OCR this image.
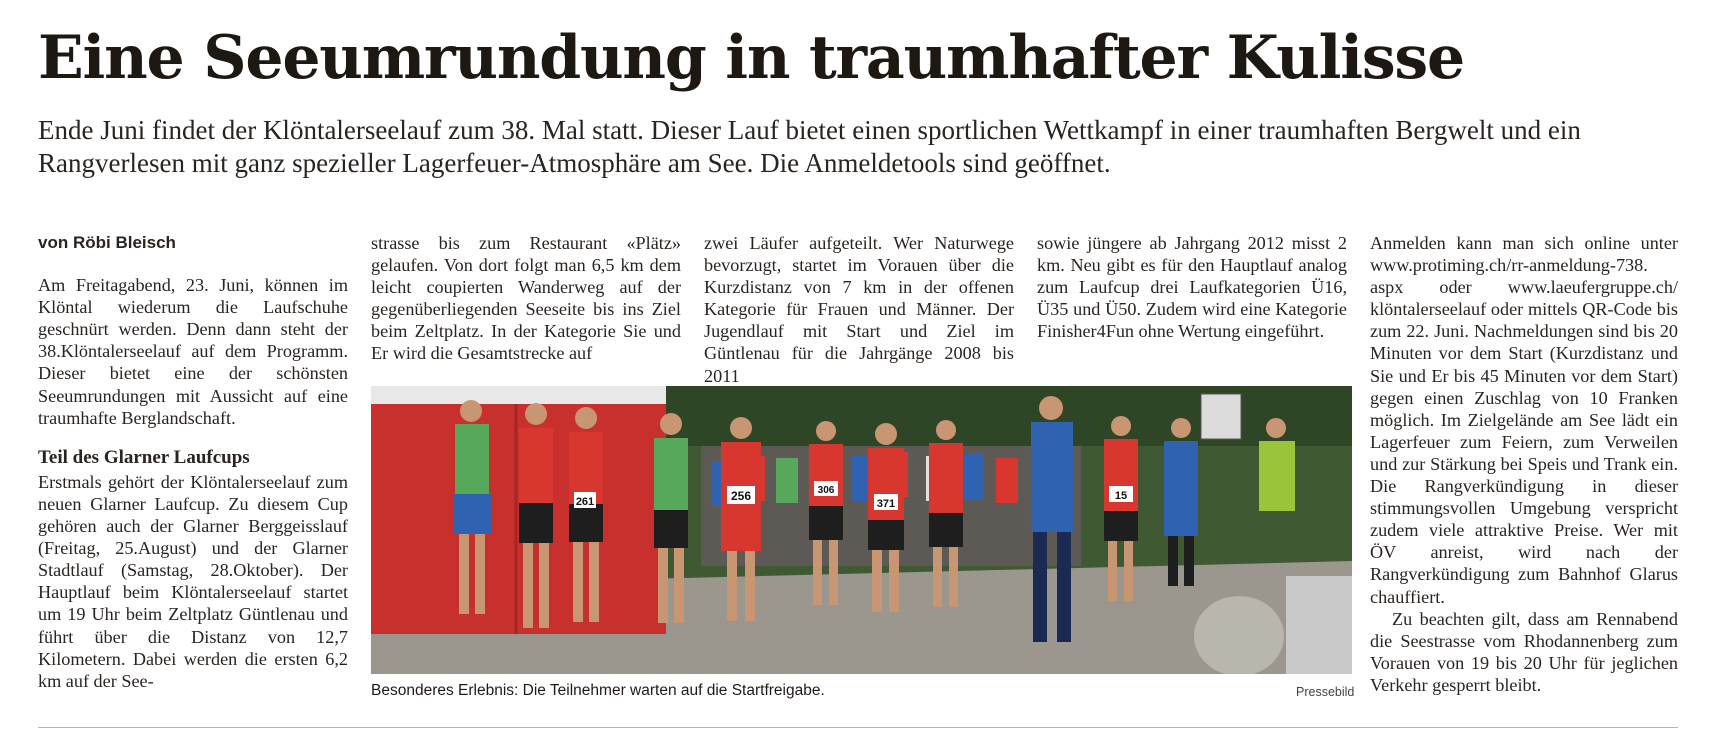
Eine Seeumrundung in traumhafter Kulisse

Ende Juni findet der Klöntalerseelauf zum 38. Mal statt. Dieser Lauf bietet einen sportlichen Wettkampf in einer traumhaften Bergwelt und ein Rangverlesen mit ganz spezieller Lagerfeuer-Atmosphäre am See. Die Anmeldetools sind geöffnet.

von Röbi Bleisch

Am Freitagabend, 23. Juni, können im Klöntal wiederum die Laufschuhe geschnürt werden. Denn dann steht der 38.Klöntalerseelauf auf dem Programm. Dieser bietet eine der schönsten Seeumrundungen mit Aussicht auf eine traumhafte Berglandschaft.

Teil des Glarner Laufcups

Erstmals gehört der Klöntalerseelauf zum neuen Glarner Laufcup. Zu diesem Cup gehören auch der Glarner Berggeisslauf (Freitag, 25.August) und der Glarner Stadtlauf (Samstag, 28.Oktober). Der Hauptlauf beim Klöntalerseelauf startet um 19 Uhr beim Zeltplatz Güntlenau und führt über die Distanz von 12,7 Kilometern. Dabei werden die ersten 6,2 km auf der See-

strasse bis zum Restaurant «Plätz» gelaufen. Von dort folgt man 6,5 km dem leicht coupierten Wanderweg auf der gegenüberliegenden Seeseite bis ins Ziel beim Zeltplatz. In der Kategorie Sie und Er wird die Gesamtstrecke auf

zwei Läufer aufgeteilt. Wer Naturwege bevorzugt, startet im Vorauen über die Kurzdistanz von 7 km in der offenen Kategorie für Frauen und Männer. Der Jugendlauf mit Start und Ziel im Güntlenau für die Jahrgänge 2008 bis 2011

sowie jüngere ab Jahrgang 2012 misst 2 km. Neu gibt es für den Hauptlauf analog zum Laufcup drei Laufkategorien Ü16, Ü35 und Ü50. Zudem wird eine Kategorie Finisher4Fun ohne Wertung eingeführt.

Anmelden kann man sich online unter www.protiming.ch/rr-anmeldung-738. aspx oder www.laeufergruppe.ch/ klöntalerseelauf oder mittels QR-Code bis zum 22. Juni. Nachmeldungen sind bis 20 Minuten vor dem Start (Kurzdistanz und Sie und Er bis 45 Minuten vor dem Start) gegen einen Zuschlag von 10 Franken möglich. Im Zielgelände am See lädt ein Lagerfeuer zum Feiern, zum Verweilen und zur Stärkung bei Speis und Trank ein. Die Rangverkündigung in dieser stimmungsvollen Umgebung verspricht zudem viele attraktive Preise. Wer mit ÖV anreist, wird nach der Rangverkündigung zum Bahnhof Glarus chauffiert.

Zu beachten gilt, dass am Rennabend die Seestrasse vom Rhodannenberg zum Vorauen von 19 bis 20 Uhr für jeglichen Verkehr gesperrt bleibt.

261	256	306
371
15
Besonderes Erlebnis: Die Teilnehmer warten auf die Startfreigabe.	Pressebild
